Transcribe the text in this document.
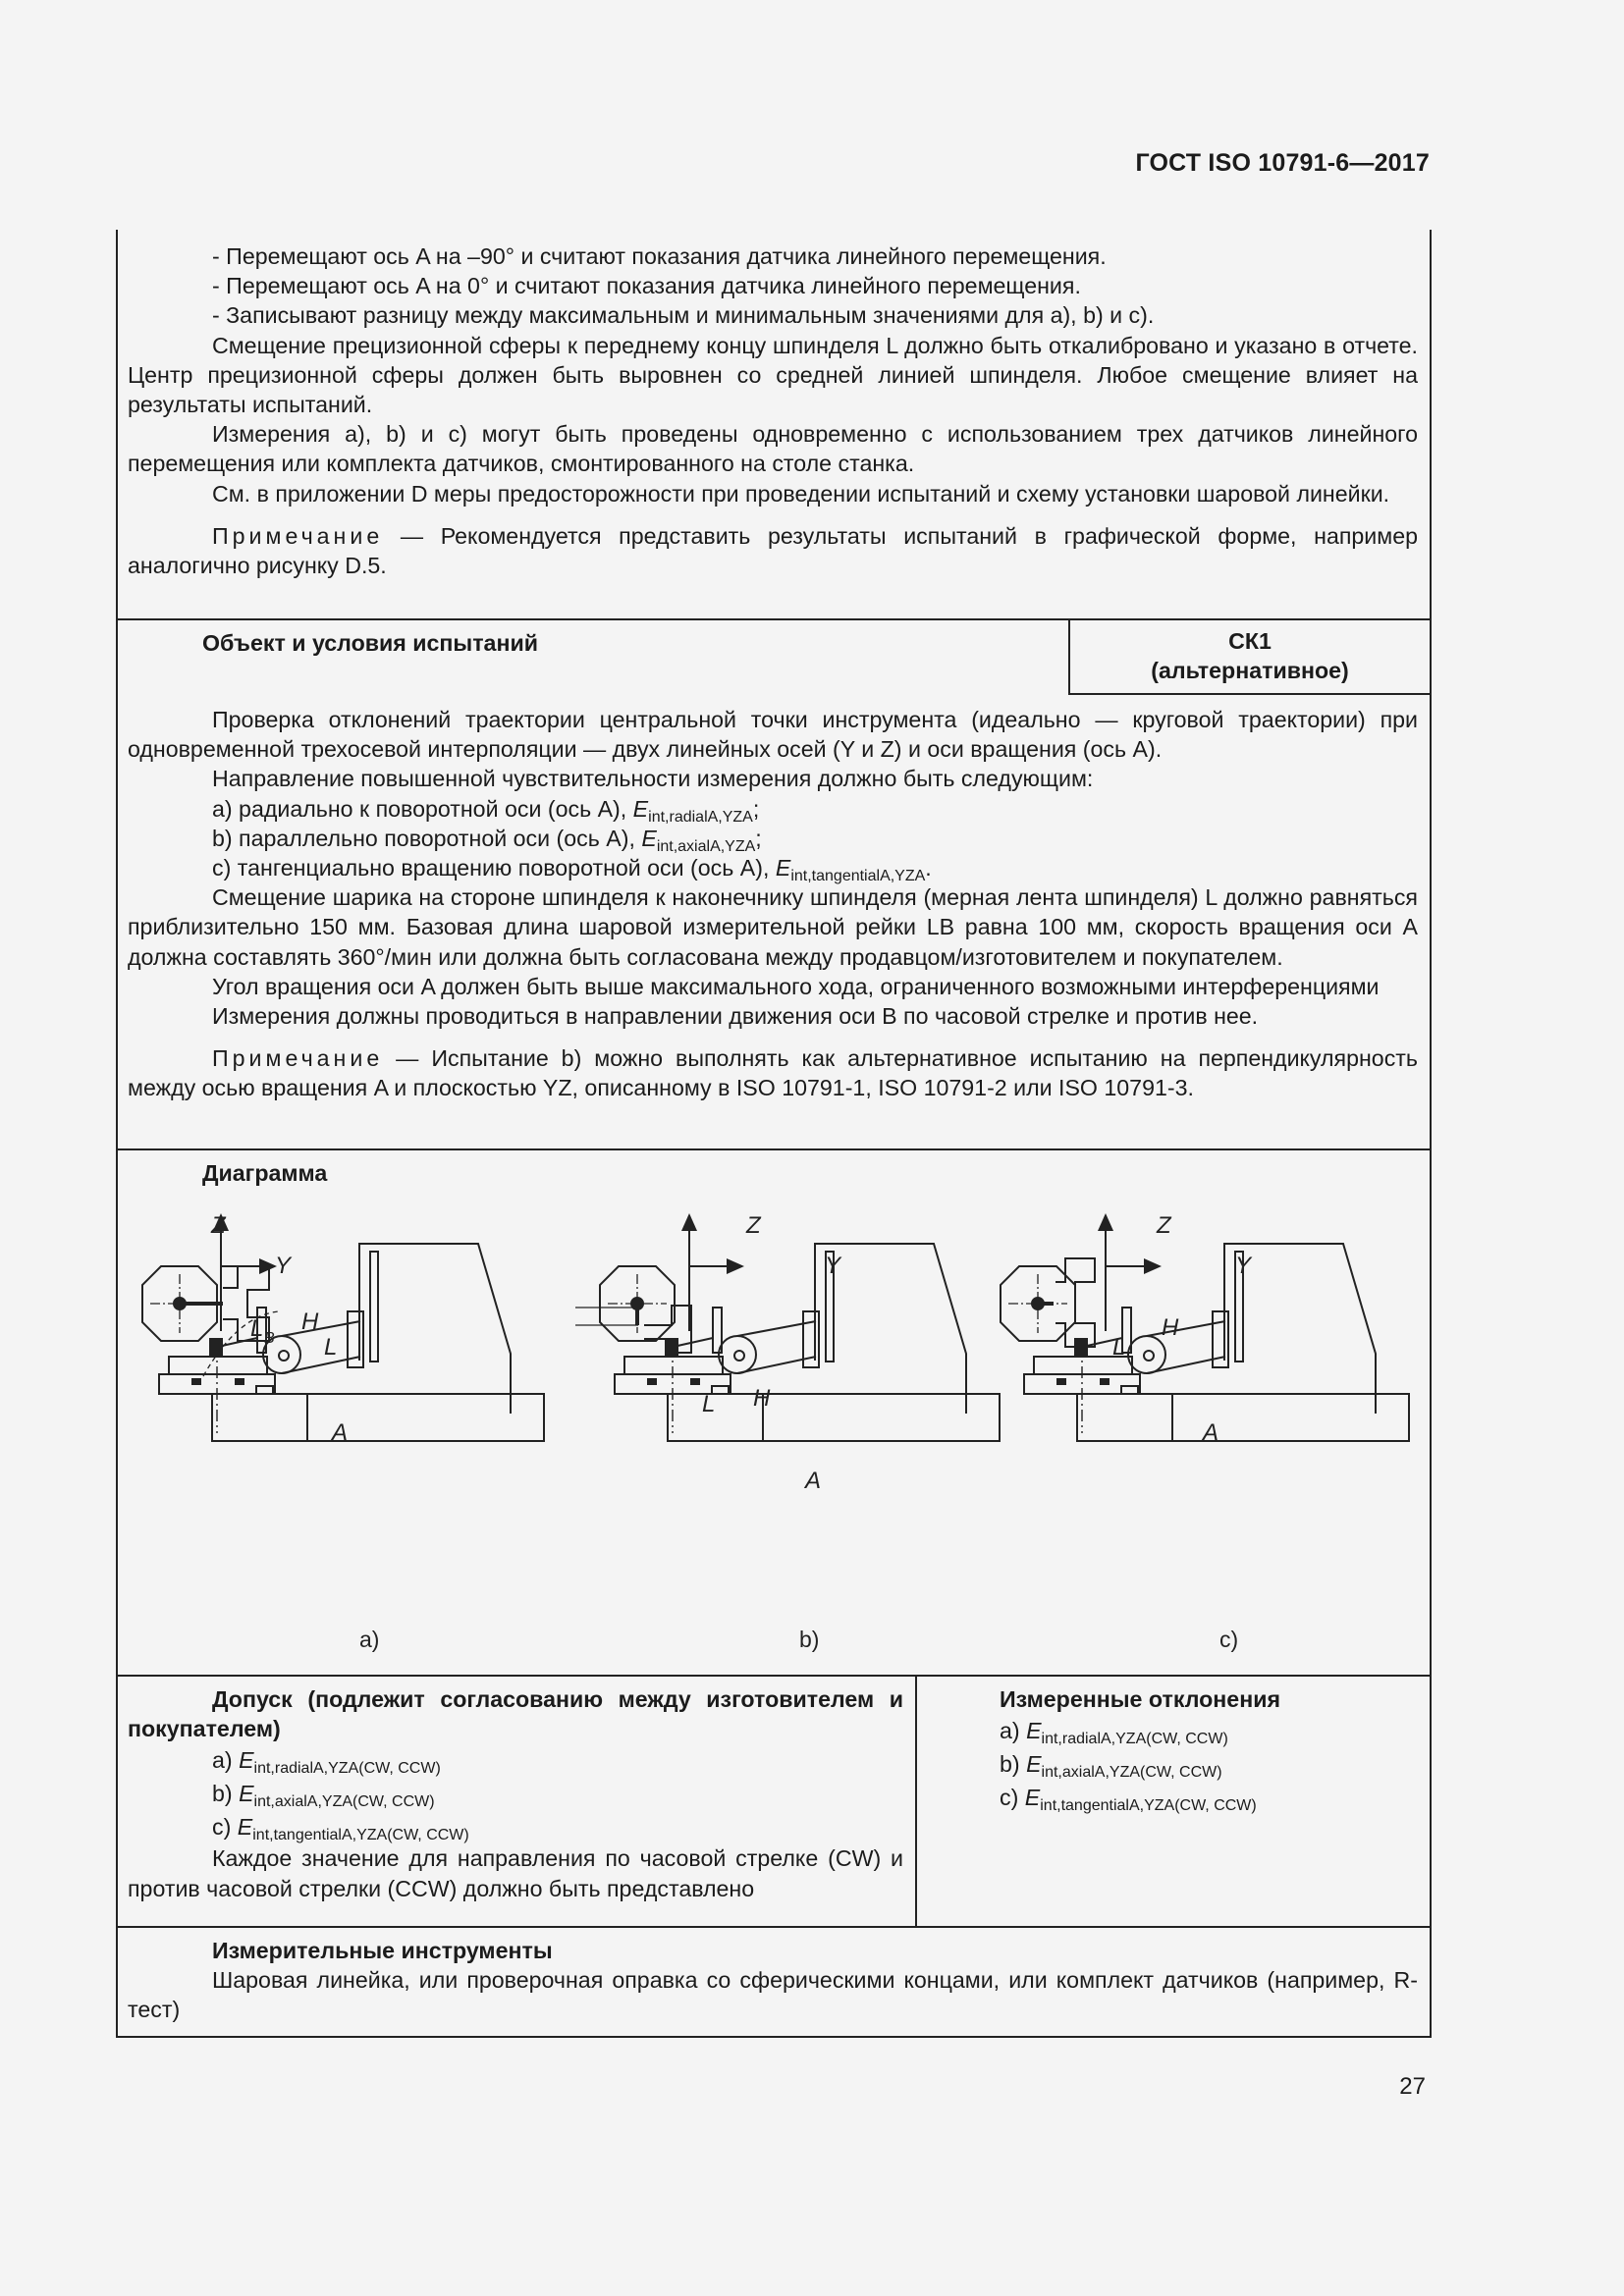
ГОСТ ISO 10791-6—2017

- Перемещают ось A на –90° и считают показания датчика линейного перемещения.

- Перемещают ось A на 0° и считают показания датчика линейного перемещения.

- Записывают разницу между максимальным и минимальным значениями для a), b) и c).

Смещение прецизионной сферы к переднему концу шпинделя L должно быть откалибровано и указано в отчете. Центр прецизионной сферы должен быть выровнен со средней линией шпинделя. Любое смещение влияет на результаты испытаний.

Измерения a), b) и c) могут быть проведены одновременно с использованием трех датчиков линейного перемещения или комплекта датчиков, смонтированного на столе станка.

См. в приложении D меры предосторожности при проведении испытаний и схему установки шаровой линейки.

Примечание — Рекомендуется представить результаты испытаний в графической форме, например аналогично рисунку D.5.

Объект и условия испытаний	СК1
(альтернативное)

Проверка отклонений траектории центральной точки инструмента (идеально — круговой траектории) при одновременной трехосевой интерполяции — двух линейных осей (Y и Z) и оси вращения (ось A).

Направление повышенной чувствительности измерения должно быть следующим:

a) радиально к поворотной оси (ось A), $E_{int,radialA,YZA}$;

b) параллельно поворотной оси (ось A), $E_{int,axialA,YZA}$;

c) тангенциально вращению поворотной оси (ось A), $E_{int,tangentialA,YZA}$.

Смещение шарика на стороне шпинделя к наконечнику шпинделя (мерная лента шпинделя) L должно равняться приблизительно 150 мм. Базовая длина шаровой измерительной рейки LB равна 100 мм, скорость вращения оси A должна составлять 360°/мин или должна быть согласована между продавцом/изготовителем и покупателем.

Угол вращения оси A должен быть выше максимального хода, ограниченного возможными интерференциями

Измерения должны проводиться в направлении движения оси B по часовой стрелке и против нее.

Примечание — Испытание b) можно выполнять как альтернативное испытанию на перпендикулярность между осью вращения A и плоскостью YZ, описанному в ISO 10791-1, ISO 10791-2 или ISO 10791-3.

Диаграмма
Z
Y
L B
H
L
A
Z
Y
H
L
A
Z
Y
H
L
A
a)	b)	c)

Допуск (подлежит согласованию между изготовителем и покупателем)

a) $E_{int,radialA,YZA(CW, CCW)}$

b) $E_{int,axialA,YZA(CW, CCW)}$

c) $E_{int,tangentialA,YZA(CW, CCW)}$

Каждое значение для направления по часовой стрелке (CW) и против часовой стрелки (CCW) должно быть представлено

Измеренные отклонения

a) $E_{int,radialA,YZA(CW, CCW)}$

b) $E_{int,axialA,YZA(CW, CCW)}$

c) $E_{int,tangentialA,YZA(CW, CCW)}$

Измерительные инструменты

Шаровая линейка, или проверочная оправка со сферическими концами, или комплект датчиков (например, R-тест)

27
